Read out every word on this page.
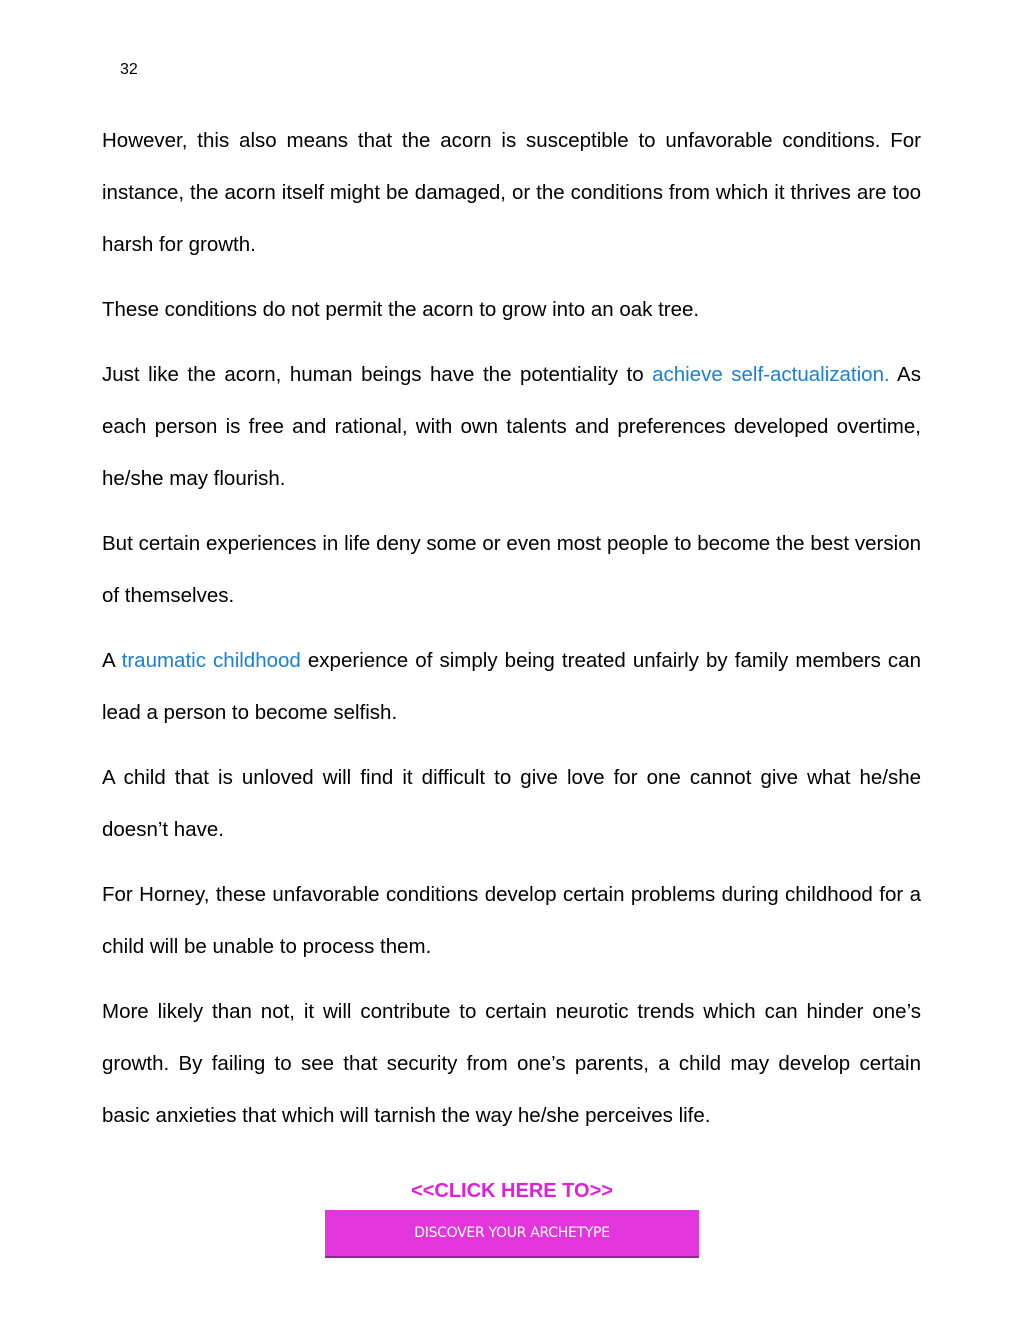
32

However, this also means that the acorn is susceptible to unfavorable conditions. For instance, the acorn itself might be damaged, or the conditions from which it thrives are too harsh for growth.

These conditions do not permit the acorn to grow into an oak tree.

Just like the acorn, human beings have the potentiality to achieve self-actualization. As each person is free and rational, with own talents and preferences developed overtime, he/she may flourish.

But certain experiences in life deny some or even most people to become the best version of themselves.

A traumatic childhood experience of simply being treated unfairly by family members can lead a person to become selfish.

A child that is unloved will find it difficult to give love for one cannot give what he/she doesn’t have.

For Horney, these unfavorable conditions develop certain problems during childhood for a child will be unable to process them.

More likely than not, it will contribute to certain neurotic trends which can hinder one’s growth. By failing to see that security from one’s parents, a child may develop certain basic anxieties that which will tarnish the way he/she perceives life.

<<CLICK HERE TO>>
DISCOVER YOUR ARCHETYPE
